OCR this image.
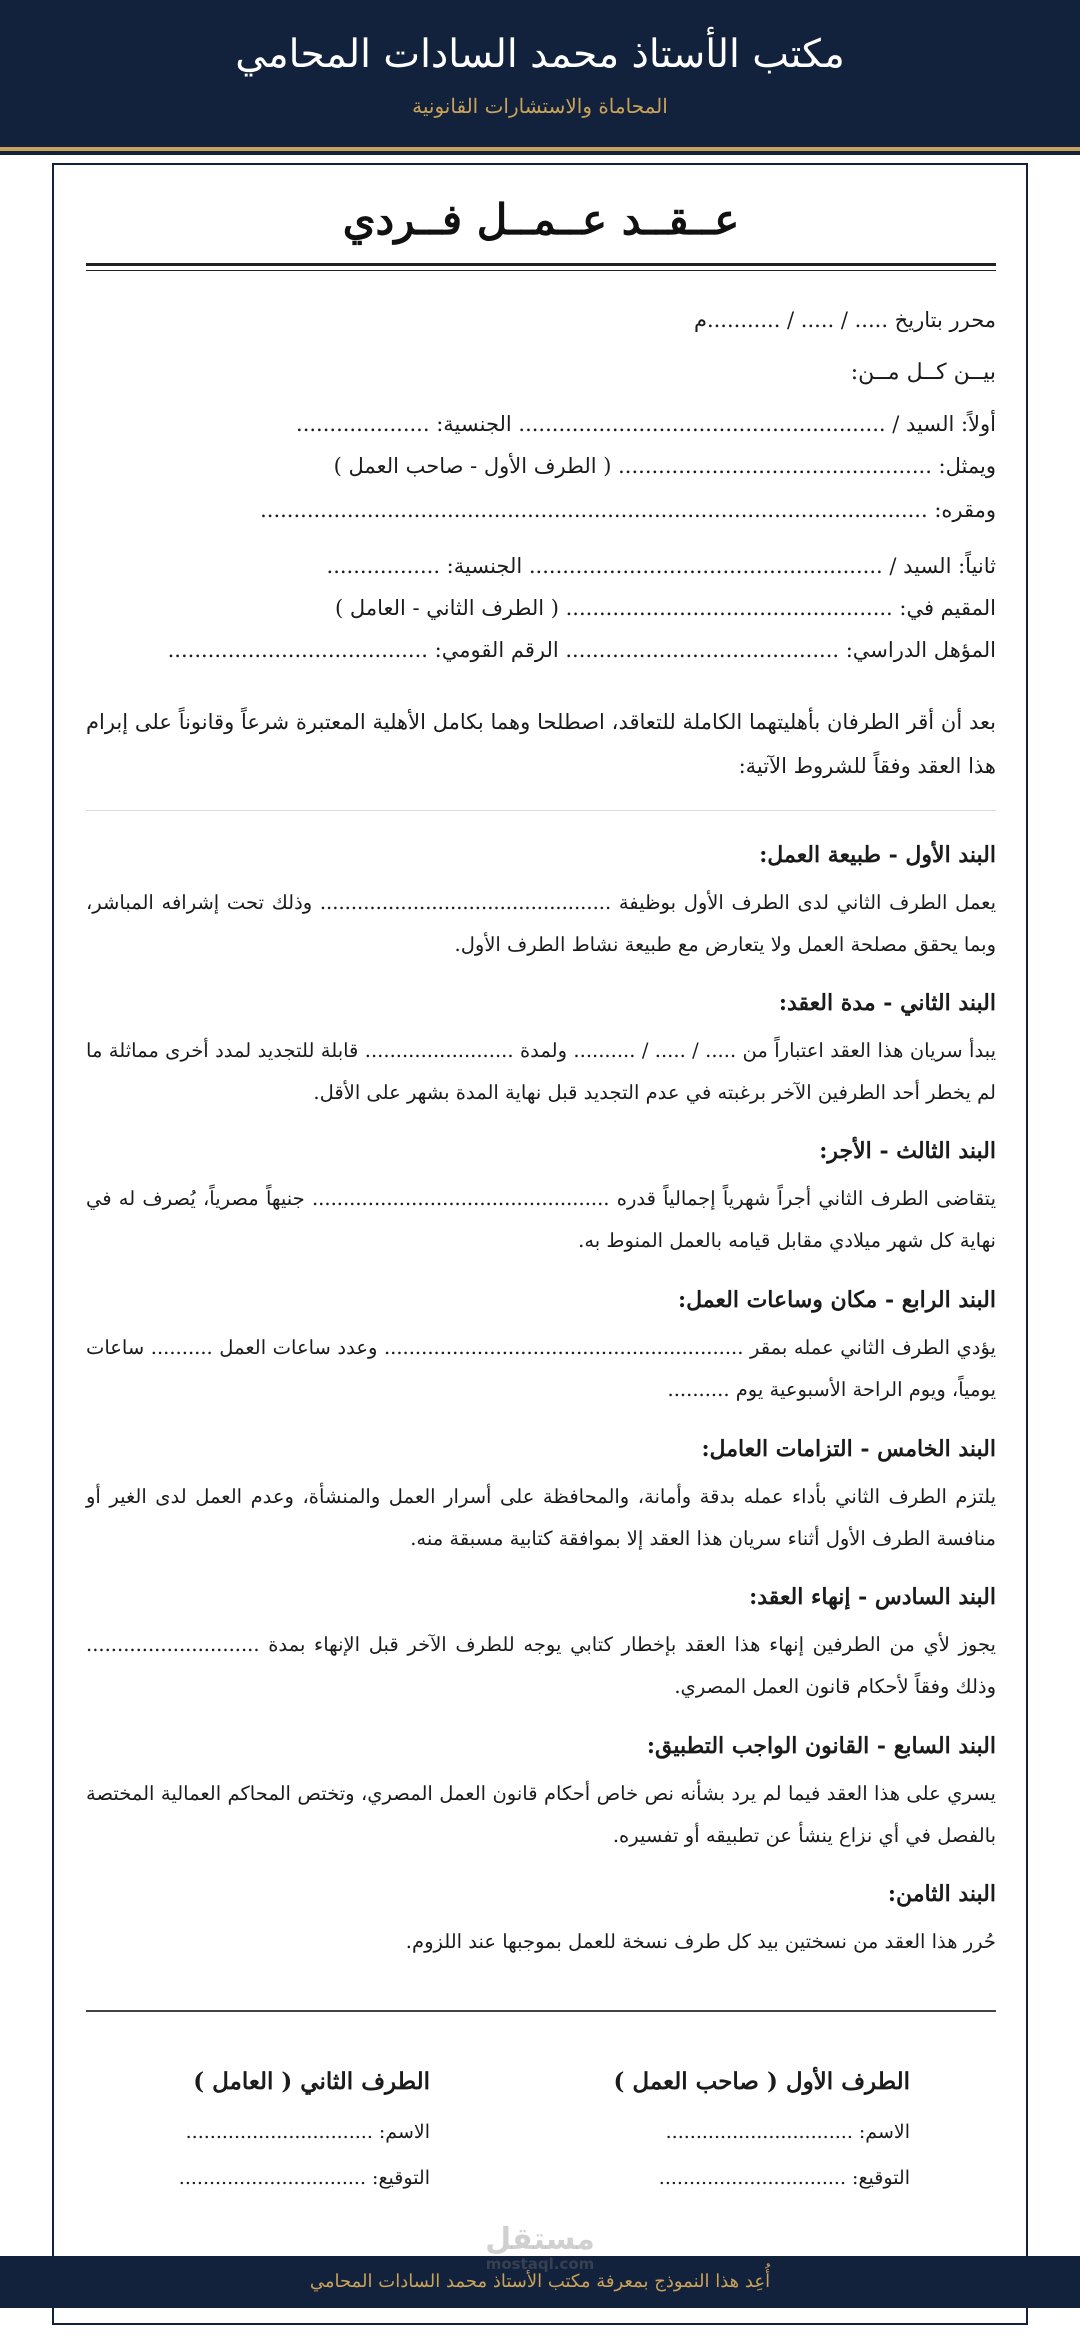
مكتب الأستاذ محمد السادات المحامي
المحاماة والاستشارات القانونية
عــقــد عــمــل فــردي
محرر بتاريخ ..... / ..... / ...........م
بيــن كــل مــن:
أولاً: السيد / ....................................................... الجنسية: ....................
ويمثل: ............................................... ( الطرف الأول - صاحب العمل )
ومقره: ....................................................................................................
ثانياً: السيد / ..................................................... الجنسية: .................
المقيم في: ................................................. ( الطرف الثاني - العامل )
المؤهل الدراسي: ......................................... الرقم القومي: .......................................
بعد أن أقر الطرفان بأهليتهما الكاملة للتعاقد، اصطلحا وهما بكامل الأهلية المعتبرة شرعاً وقانوناً على إبرام هذا العقد وفقاً للشروط الآتية:
البند الأول - طبيعة العمل:
يعمل الطرف الثاني لدى الطرف الأول بوظيفة ............................................... وذلك تحت إشرافه المباشر، وبما يحقق مصلحة العمل ولا يتعارض مع طبيعة نشاط الطرف الأول.
البند الثاني - مدة العقد:
يبدأ سريان هذا العقد اعتباراً من ..... / ..... / .......... ولمدة ........................ قابلة للتجديد لمدد أخرى مماثلة ما لم يخطر أحد الطرفين الآخر برغبته في عدم التجديد قبل نهاية المدة بشهر على الأقل.
البند الثالث - الأجر:
يتقاضى الطرف الثاني أجراً شهرياً إجمالياً قدره ................................................ جنيهاً مصرياً، يُصرف له في نهاية كل شهر ميلادي مقابل قيامه بالعمل المنوط به.
البند الرابع - مكان وساعات العمل:
يؤدي الطرف الثاني عمله بمقر .......................................................... وعدد ساعات العمل .......... ساعات يومياً، ويوم الراحة الأسبوعية يوم ..........
البند الخامس - التزامات العامل:
يلتزم الطرف الثاني بأداء عمله بدقة وأمانة، والمحافظة على أسرار العمل والمنشأة، وعدم العمل لدى الغير أو منافسة الطرف الأول أثناء سريان هذا العقد إلا بموافقة كتابية مسبقة منه.
البند السادس - إنهاء العقد:
يجوز لأي من الطرفين إنهاء هذا العقد بإخطار كتابي يوجه للطرف الآخر قبل الإنهاء بمدة ............................ وذلك وفقاً لأحكام قانون العمل المصري.
البند السابع - القانون الواجب التطبيق:
يسري على هذا العقد فيما لم يرد بشأنه نص خاص أحكام قانون العمل المصري، وتختص المحاكم العمالية المختصة بالفصل في أي نزاع ينشأ عن تطبيقه أو تفسيره.
البند الثامن:
حُرر هذا العقد من نسختين بيد كل طرف نسخة للعمل بموجبها عند اللزوم.
الطرف الأول ( صاحب العمل )
الاسم: ...............................
التوقيع: ...............................
الطرف الثاني ( العامل )
الاسم: ...............................
التوقيع: ...............................
أُعِد هذا النموذج بمعرفة مكتب الأستاذ محمد السادات المحامي
مستقل
mostaql.com
